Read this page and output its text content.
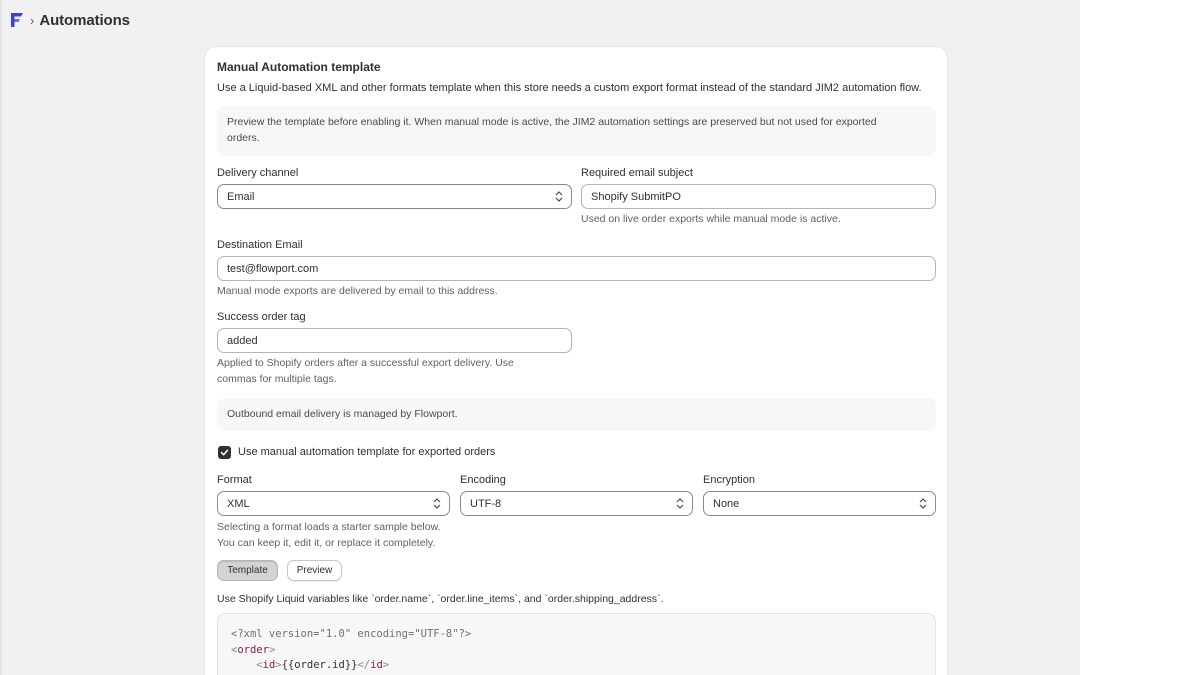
› Automations
Manual Automation template
Use a Liquid-based XML and other formats template when this store needs a custom export format instead of the standard JIM2 automation flow.
Preview the template before enabling it. When manual mode is active, the JIM2 automation settings are preserved but not used for exported
orders.
Delivery channel
Email
Required email subject
Shopify SubmitPO
Used on live order exports while manual mode is active.
Destination Email
test@flowport.com
Manual mode exports are delivered by email to this address.
Success order tag
added
Applied to Shopify orders after a successful export delivery. Use
commas for multiple tags.
Outbound email delivery is managed by Flowport.
Use manual automation template for exported orders
Format
XML
Selecting a format loads a starter sample below.
You can keep it, edit it, or replace it completely.
Encoding
UTF-8
Encryption
None
Template	Preview
Use Shopify Liquid variables like `order.name`, `order.line_items`, and `order.shipping_address`.
<?xml version="1.0" encoding="UTF-8"?>
<order>
<id>{{order.id}}</id>
